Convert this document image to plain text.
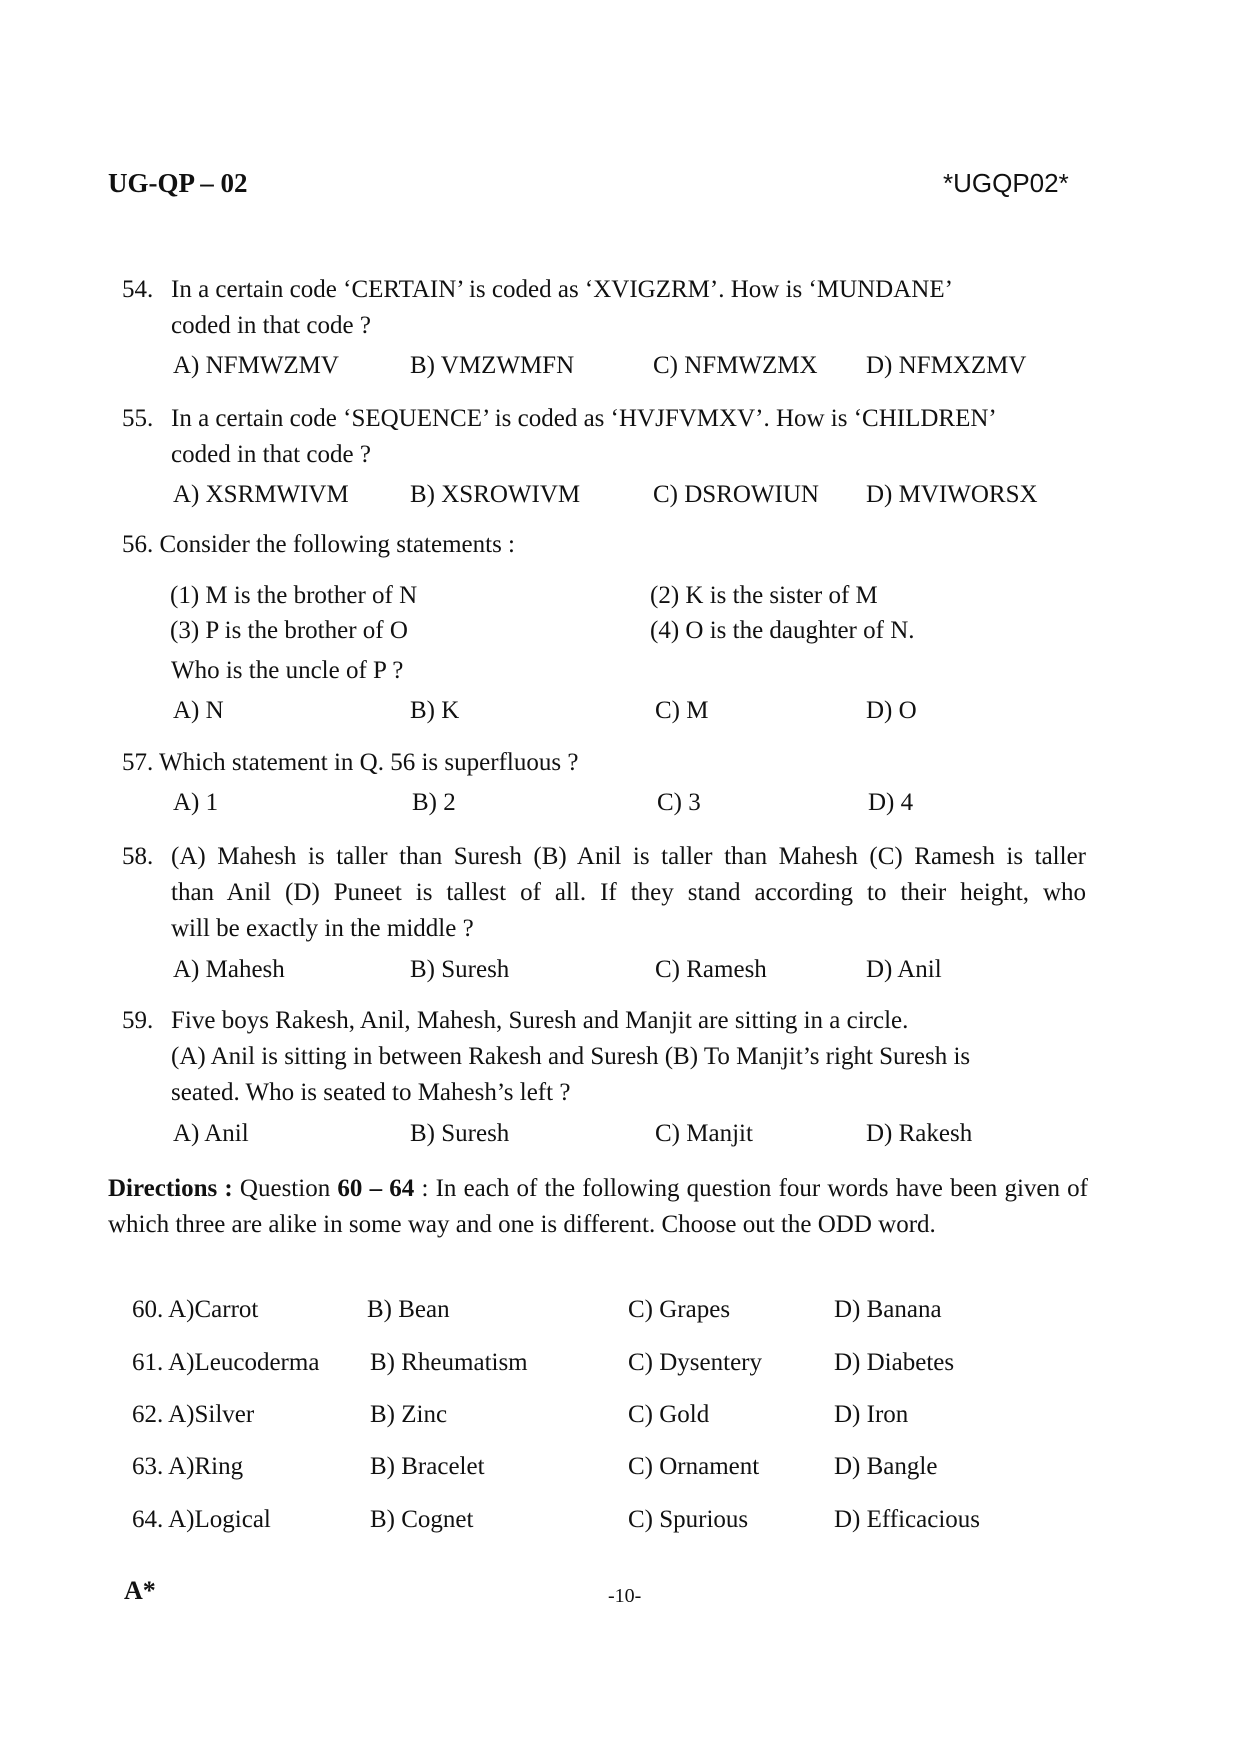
UG-QP – 02	*UGQP02*
54. In a certain code ‘CERTAIN’ is coded as ‘XVIGZRM’. How is ‘MUNDANE’
coded in that code ?
A) NFMWZMV	B) VMZWMFN	C) NFMWZMX D) NFMXZMV
55. In a certain code ‘SEQUENCE’ is coded as ‘HVJFVMXV’. How is ‘CHILDREN’
coded in that code ?
A) XSRMWIVM B) XSROWIVM	C) DSROWIUN D) MVIWORSX
56. Consider the following statements :
(1) M is the brother of N	(2) K is the sister of M
(3) P is the brother of O	(4) O is the daughter of N.
Who is the uncle of P ?
A) N	B) K	C) M	D) O
57. Which statement in Q. 56 is superfluous ?
A) 1	B) 2	C) 3	D) 4
58. (A) Mahesh is taller than Suresh (B) Anil is taller than Mahesh (C) Ramesh is taller
than Anil (D) Puneet is tallest of all. If they stand according to their height, who
will be exactly in the middle ?
A) Mahesh	B) Suresh	C) Ramesh	D) Anil
59. Five boys Rakesh, Anil, Mahesh, Suresh and Manjit are sitting in a circle.
(A) Anil is sitting in between Rakesh and Suresh (B) To Manjit’s right Suresh is
seated. Who is seated to Mahesh’s left ?
A) Anil	B) Suresh	C) Manjit	D) Rakesh
Directions : Question 60 – 64 : In each of the following question four words have been given of which three are alike in some way and one is different. Choose out the ODD word.
60. A)Carrot	B) Bean	C) Grapes	D) Banana
61. A)Leucoderma B) Rheumatism	C) Dysentery	D) Diabetes
62. A)Silver	B) Zinc	C) Gold	D) Iron
63. A)Ring	B) Bracelet	C) Ornament	D) Bangle
64. A)Logical	B) Cognet	C) Spurious	D) Efficacious
A*	-10-
